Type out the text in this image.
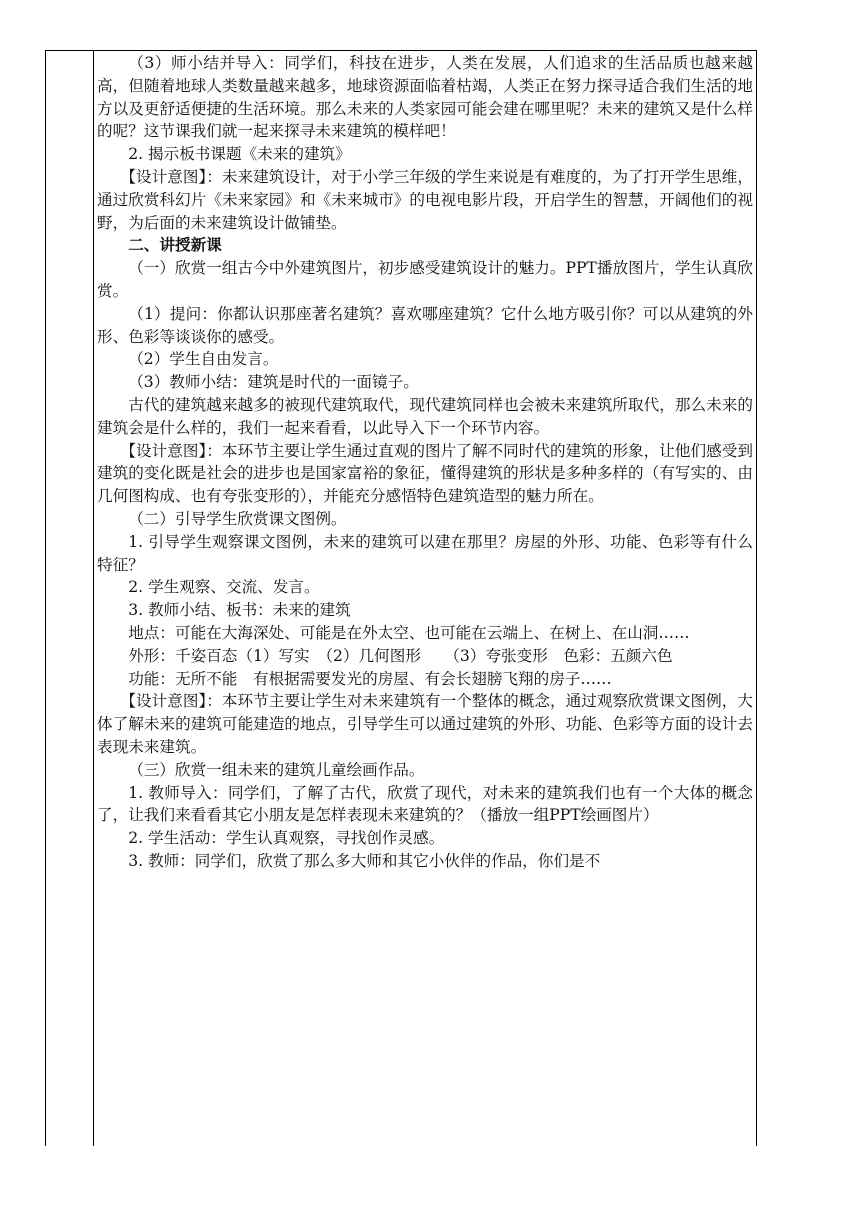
（3）师小结并导入：同学们，科技在进步，人类在发展，人们追求的生活品质也越来越高，但随着地球人类数量越来越多，地球资源面临着枯竭，人类正在努力探寻适合我们生活的地方以及更舒适便捷的生活环境。那么未来的人类家园可能会建在哪里呢？未来的建筑又是什么样的呢？这节课我们就一起来探寻未来建筑的模样吧！

2. 揭示板书课题《未来的建筑》

【设计意图】：未来建筑设计，对于小学三年级的学生来说是有难度的，为了打开学生思维，通过欣赏科幻片《未来家园》和《未来城市》的电视电影片段，开启学生的智慧，开阔他们的视野，为后面的未来建筑设计做铺垫。

二、讲授新课

（一）欣赏一组古今中外建筑图片，初步感受建筑设计的魅力。PPT播放图片，学生认真欣赏。

（1）提问：你都认识那座著名建筑？喜欢哪座建筑？它什么地方吸引你？可以从建筑的外形、色彩等谈谈你的感受。

（2）学生自由发言。

（3）教师小结：建筑是时代的一面镜子。

古代的建筑越来越多的被现代建筑取代，现代建筑同样也会被未来建筑所取代，那么未来的建筑会是什么样的，我们一起来看看，以此导入下一个环节内容。

【设计意图】：本环节主要让学生通过直观的图片了解不同时代的建筑的形象，让他们感受到建筑的变化既是社会的进步也是国家富裕的象征，懂得建筑的形状是多种多样的（有写实的、由几何图构成、也有夸张变形的），并能充分感悟特色建筑造型的魅力所在。

（二）引导学生欣赏课文图例。

1. 引导学生观察课文图例，未来的建筑可以建在那里？房屋的外形、功能、色彩等有什么特征？

2. 学生观察、交流、发言。

3. 教师小结、板书：未来的建筑

地点：可能在大海深处、可能是在外太空、也可能在云端上、在树上、在山洞……

外形：千姿百态（1）写实　（2）几何图形　　（3）夸张变形　色彩：五颜六色

功能：无所不能　有根据需要发光的房屋、有会长翅膀飞翔的房子……

【设计意图】：本环节主要让学生对未来建筑有一个整体的概念，通过观察欣赏课文图例，大体了解未来的建筑可能建造的地点，引导学生可以通过建筑的外形、功能、色彩等方面的设计去表现未来建筑。

（三）欣赏一组未来的建筑儿童绘画作品。

1. 教师导入：同学们，了解了古代，欣赏了现代，对未来的建筑我们也有一个大体的概念了，让我们来看看其它小朋友是怎样表现未来建筑的？（播放一组PPT绘画图片）

2. 学生活动：学生认真观察，寻找创作灵感。

3. 教师：同学们，欣赏了那么多大师和其它小伙伴的作品，你们是不
